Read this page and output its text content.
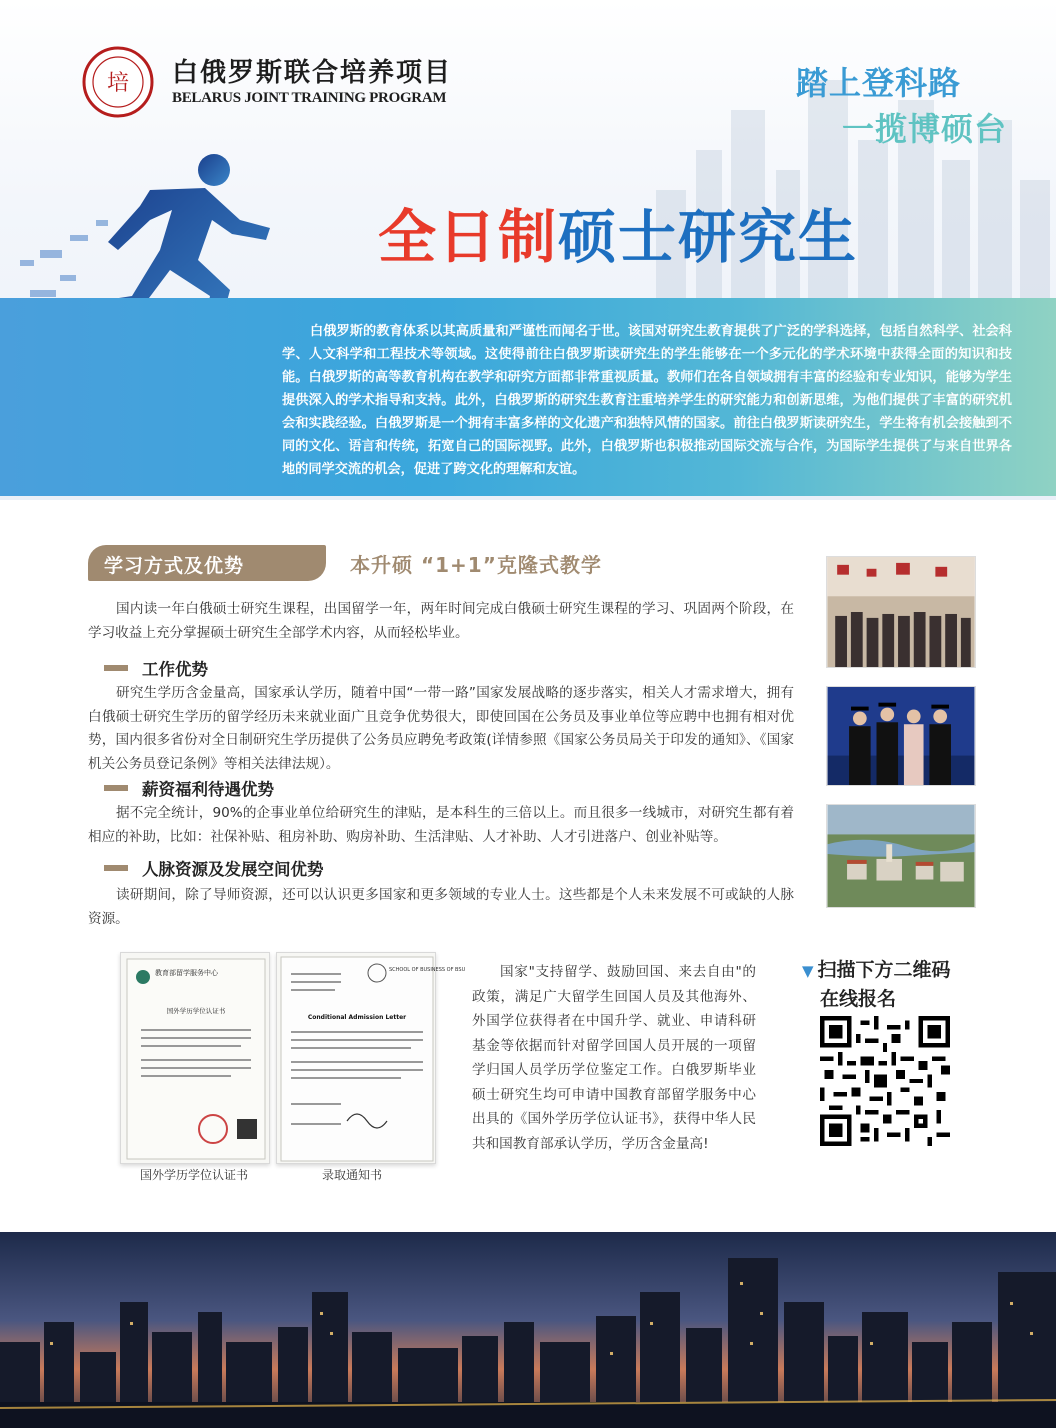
培 白俄罗斯联合培养项目
BELARUS JOINT TRAINING PROGRAM	踏上登科路
一揽博硕台
全日制硕士研究生

白俄罗斯的教育体系以其高质量和严谨性而闻名于世。该国对研究生教育提供了广泛的学科选择，包括自然科学、社会科学、人文科学和工程技术等领域。这使得前往白俄罗斯读研究生的学生能够在一个多元化的学术环境中获得全面的知识和技能。白俄罗斯的高等教育机构在教学和研究方面都非常重视质量。教师们在各自领域拥有丰富的经验和专业知识，能够为学生提供深入的学术指导和支持。此外，白俄罗斯的研究生教育注重培养学生的研究能力和创新思维，为他们提供了丰富的研究机会和实践经验。白俄罗斯是一个拥有丰富多样的文化遗产和独特风情的国家。前往白俄罗斯读研究生，学生将有机会接触到不同的文化、语言和传统，拓宽自己的国际视野。此外，白俄罗斯也积极推动国际交流与合作，为国际学生提供了与来自世界各地的同学交流的机会，促进了跨文化的理解和友谊。

学习方式及优势	本升硕 “1+1”克隆式教学

国内读一年白俄硕士研究生课程，出国留学一年，两年时间完成白俄硕士研究生课程的学习、巩固两个阶段，在学习收益上充分掌握硕士研究生全部学术内容，从而轻松毕业。

工作优势

研究生学历含金量高，国家承认学历，随着中国“一带一路”国家发展战略的逐步落实，相关人才需求增大，拥有白俄硕士研究生学历的留学经历未来就业面广且竞争优势很大，即使回国在公务员及事业单位等应聘中也拥有相对优势，国内很多省份对全日制研究生学历提供了公务员应聘免考政策(详情参照《国家公务员局关于印发的通知》、《国家机关公务员登记条例》等相关法律法规）。

薪资福利待遇优势

据不完全统计，90%的企事业单位给研究生的津贴，是本科生的三倍以上。而且很多一线城市，对研究生都有着相应的补助，比如：社保补贴、租房补助、购房补助、生活津贴、人才补助、人才引进落户、创业补贴等。

人脉资源及发展空间优势

读研期间，除了导师资源，还可以认识更多国家和更多领域的专业人士。这些都是个人未来发展不可或缺的人脉资源。

教育部留学服务中心
国外学历学位认证书
SCHOOL OF BUSINESS OF BSU
Conditional Admission Letter
国外学历学位认证书	录取通知书

国家"支持留学、鼓励回国、来去自由"的政策，满足广大留学生回国人员及其他海外、外国学位获得者在中国升学、就业、申请科研基金等依据而针对留学回国人员开展的一项留学归国人员学历学位鉴定工作。白俄罗斯毕业硕士研究生均可申请中国教育部留学服务中心出具的《国外学历学位认证书》，获得中华人民共和国教育部承认学历，学历含金量高!

▼ 扫描下方二维码
在线报名
